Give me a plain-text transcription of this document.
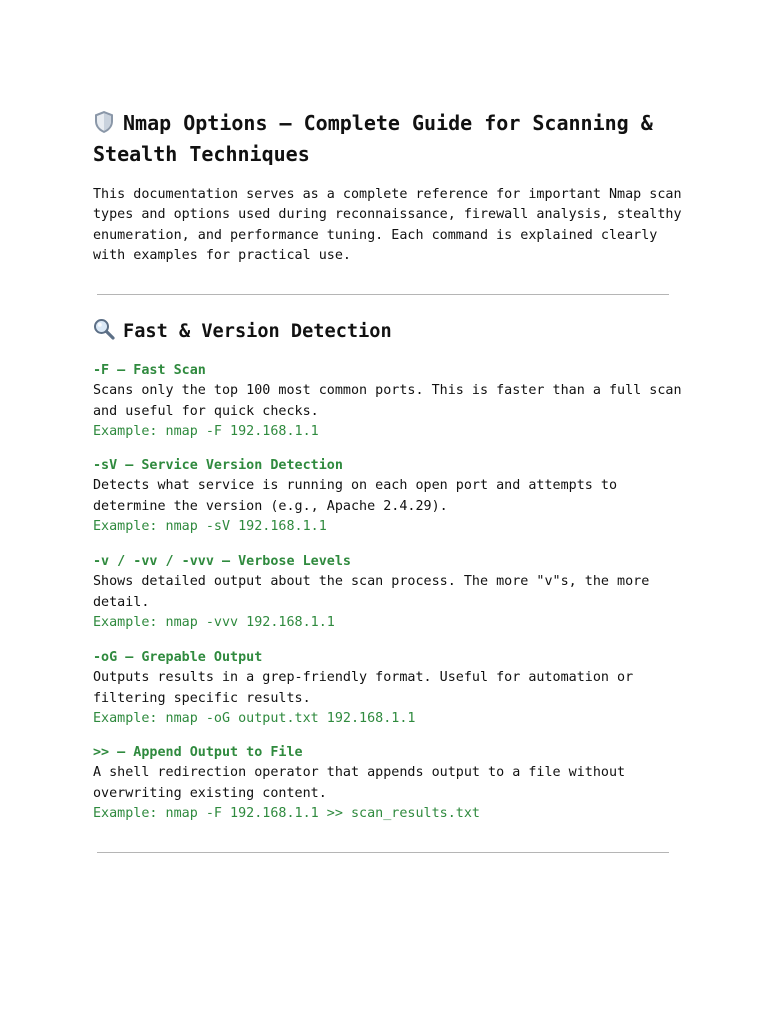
Nmap Options — Complete Guide for Scanning & Stealth Techniques

This documentation serves as a complete reference for important Nmap scan types and options used during reconnaissance, firewall analysis, stealthy enumeration, and performance tuning. Each command is explained clearly with examples for practical use.

Fast & Version Detection
-F — Fast Scan
Scans only the top 100 most common ports. This is faster than a full scan and useful for quick checks.
Example: nmap -F 192.168.1.1
-sV — Service Version Detection
Detects what service is running on each open port and attempts to determine the version (e.g., Apache 2.4.29).
Example: nmap -sV 192.168.1.1
-v / -vv / -vvv — Verbose Levels
Shows detailed output about the scan process. The more "v"s, the more detail.
Example: nmap -vvv 192.168.1.1
-oG — Grepable Output
Outputs results in a grep-friendly format. Useful for automation or filtering specific results.
Example: nmap -oG output.txt 192.168.1.1
>> — Append Output to File
A shell redirection operator that appends output to a file without overwriting existing content.
Example: nmap -F 192.168.1.1 >> scan_results.txt
